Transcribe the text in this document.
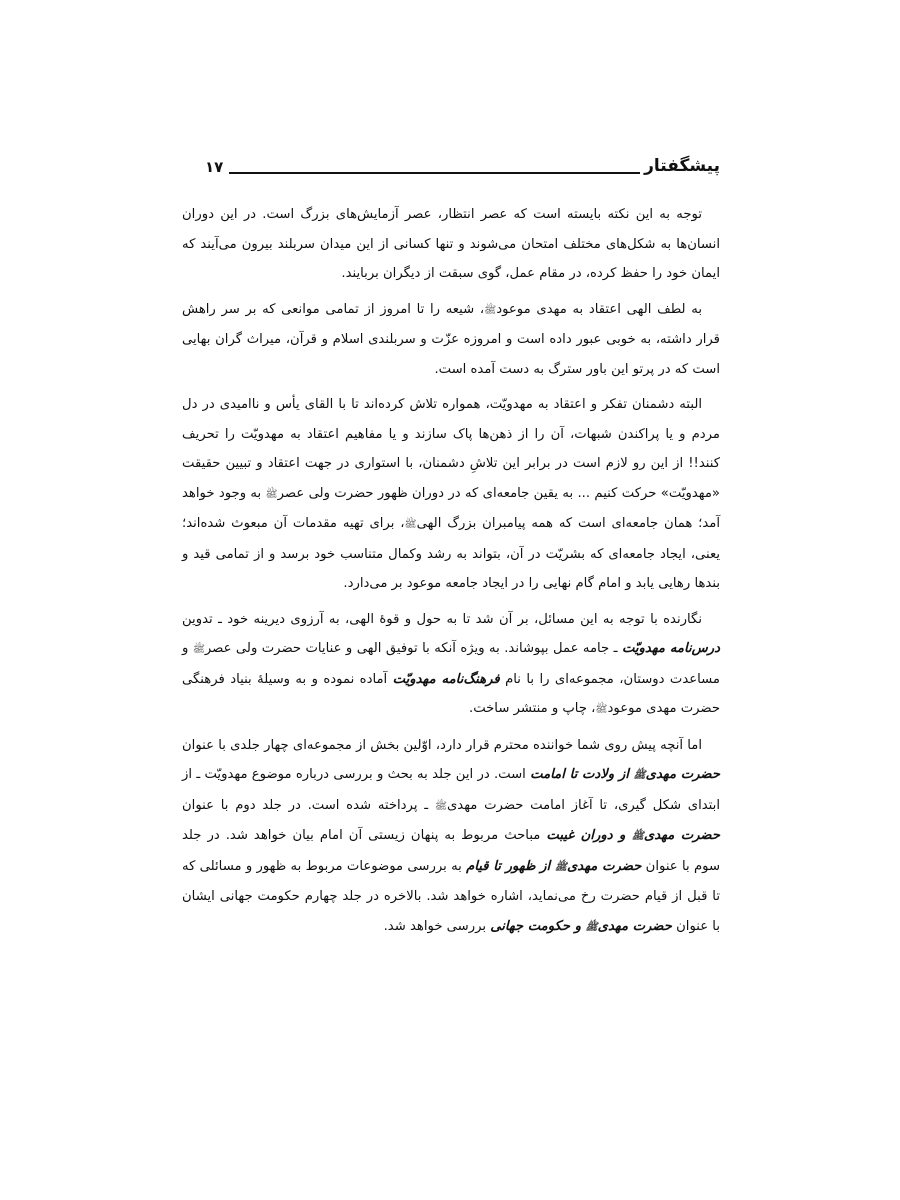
۱۷	پیشگفتار

توجه به این نکته بایسته است که عصر انتظار، عصر آزمایش‌های بزرگ است. در این دوران انسان‌ها به شکل‌های مختلف امتحان می‌شوند و تنها کسانی از این میدان سربلند بیرون می‌آیند که ایمان خود را حفظ کرده، در مقام عمل، گوی سبقت از دیگران بربایند.

به لطف الهی اعتقاد به مهدی موعودﷺ، شیعه را تا امروز از تمامی موانعی که بر سر راهش قرار داشته، به خوبی عبور داده است و امروزه عزّت و سربلندی اسلام و قرآن، میراث گران بهایی است که در پرتو این باور سترگ به دست آمده است.

البته دشمنان تفکر و اعتقاد به مهدویّت، همواره تلاش کرده‌اند تا با القای یأس و ناامیدی در دل مردم و یا پراکندن شبهات، آن را از ذهن‌ها پاک سازند و یا مفاهیم اعتقاد به مهدویّت را تحریف کنند!! از این رو لازم است در برابر این تلاشِ دشمنان، با استواری در جهت اعتقاد و تبیین حقیقت «مهدویّت» حرکت کنیم ... به یقین جامعه‌ای که در دوران ظهور حضرت ولی عصرﷺ به وجود خواهد آمد؛ همان جامعه‌ای است که همه پیامبران بزرگ الهیﷺ، برای تهیه مقدمات آن مبعوث شده‌اند؛ یعنی، ایجاد جامعه‌ای که بشریّت در آن، بتواند به رشد وکمال متناسب خود برسد و از تمامی قید و بندها رهایی یابد و امام گام نهایی را در ایجاد جامعه موعود بر می‌دارد.

نگارنده با توجه به این مسائل، بر آن شد تا به حول و قوهٔ الهی، به آرزوی دیرینه خود ـ تدوین درس‌نامه مهدویّت ـ جامه عمل بپوشاند. به ویژه آنکه با توفیق الهی و عنایات حضرت ولی عصرﷺ و مساعدت دوستان، مجموعه‌ای را با نام فرهنگ‌نامه مهدویّت آماده نموده و به وسیلهٔ بنیاد فرهنگی حضرت مهدی موعودﷺ، چاپ و منتشر ساخت.

اما آنچه پیش روی شما خواننده محترم قرار دارد، اوّلین بخش از مجموعه‌ای چهار جلدی با عنوان حضرت مهدیﷺ از ولادت تا امامت است. در این جلد به بحث و بررسی درباره موضوع مهدویّت ـ از ابتدای شکل گیری، تا آغاز امامت حضرت مهدیﷺ ـ پرداخته شده است. در جلد دوم با عنوان حضرت مهدیﷺ و دوران غیبت مباحث مربوط به پنهان زیستی آن امام بیان خواهد شد. در جلد سوم با عنوان حضرت مهدیﷺ از ظهور تا قیام به بررسی موضوعات مربوط به ظهور و مسائلی که تا قبل از قیام حضرت رخ می‌نماید، اشاره خواهد شد. بالاخره در جلد چهارم حکومت جهانی ایشان با عنوان حضرت مهدیﷺ و حکومت جهانی بررسی خواهد شد.
